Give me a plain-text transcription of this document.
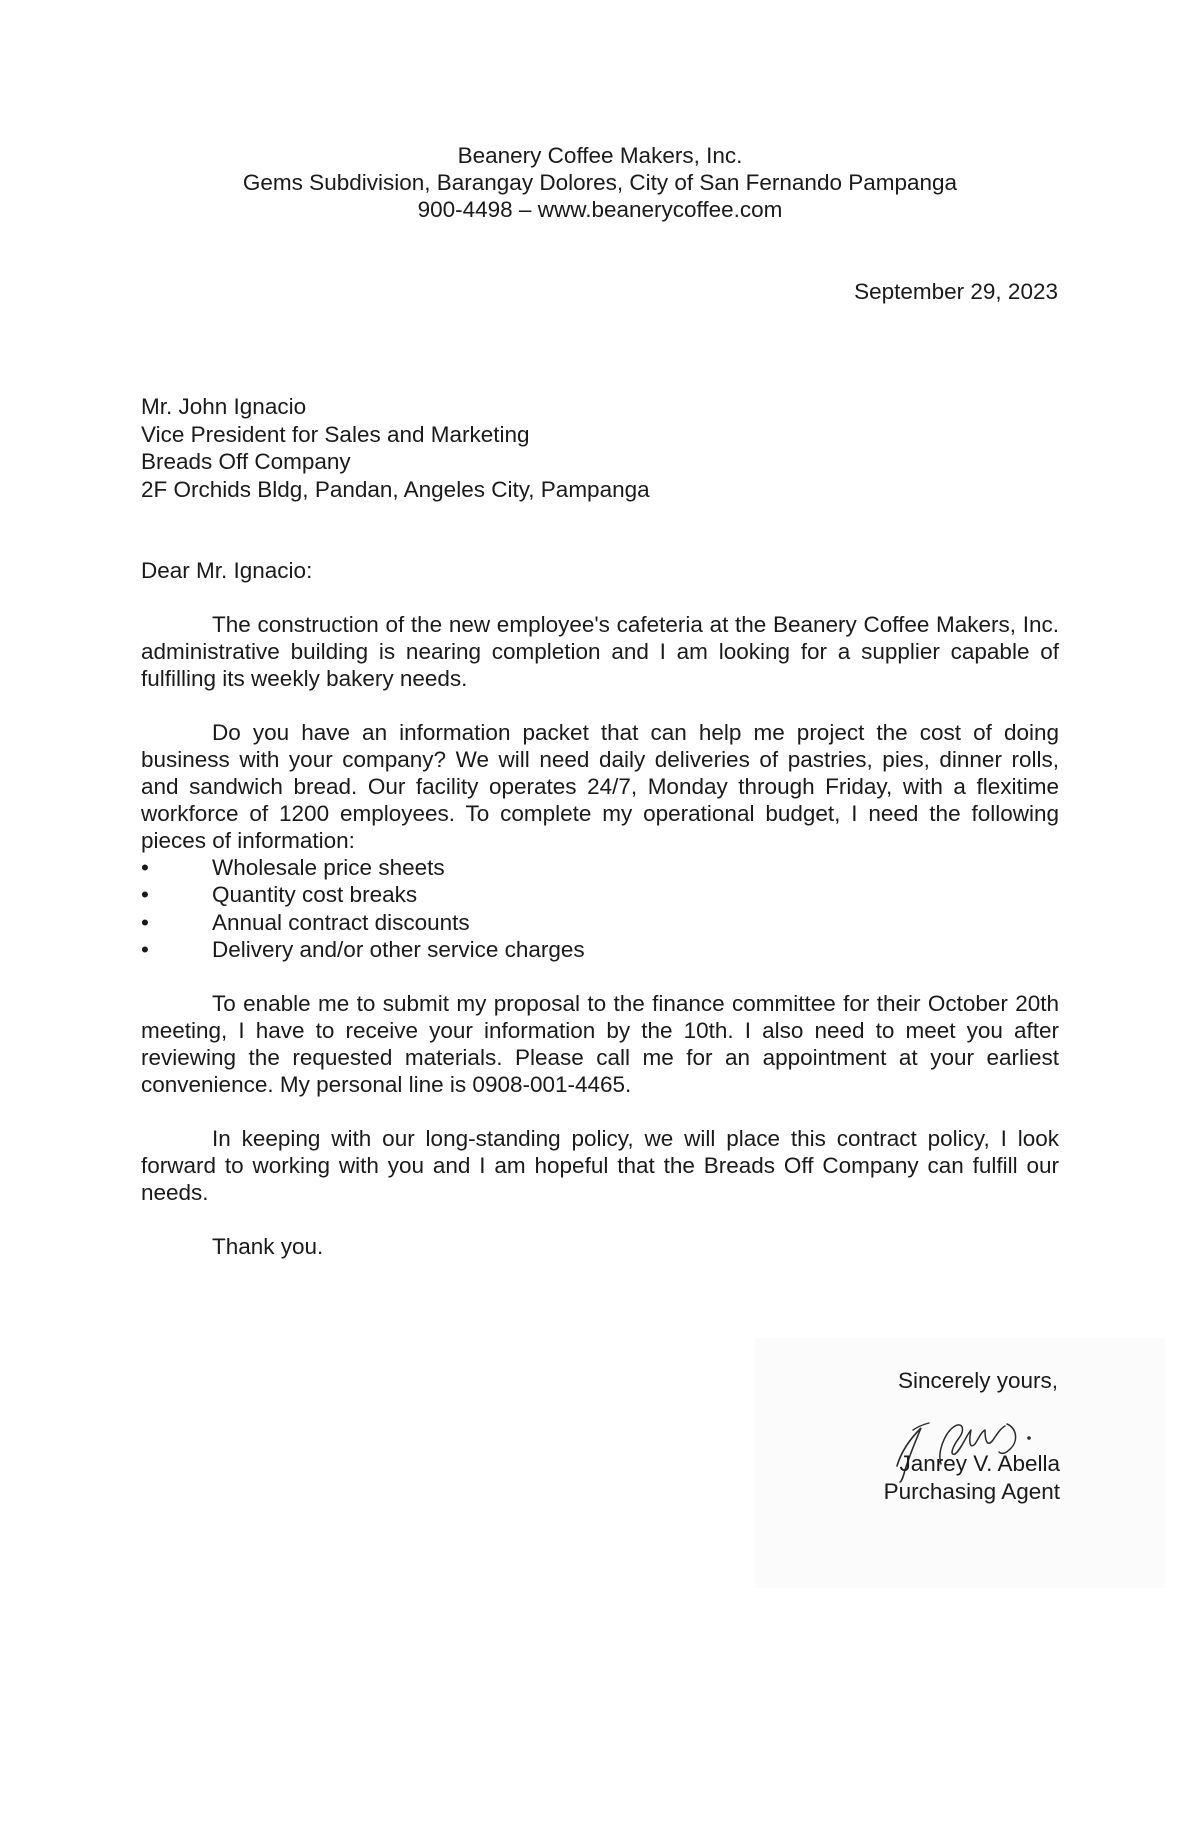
Beanery Coffee Makers, Inc.
Gems Subdivision, Barangay Dolores, City of San Fernando Pampanga
900-4498 – www.beanerycoffee.com
September 29, 2023
Mr. John Ignacio
Vice President for Sales and Marketing
Breads Off Company
2F Orchids Bldg, Pandan, Angeles City, Pampanga
Dear Mr. Ignacio:

The construction of the new employee's cafeteria at the Beanery Coffee Makers, Inc. administrative building is nearing completion and I am looking for a supplier capable of fulfilling its weekly bakery needs.

Do you have an information packet that can help me project the cost of doing business with your company? We will need daily deliveries of pastries, pies, dinner rolls, and sandwich bread. Our facility operates 24/7, Monday through Friday, with a flexitime workforce of 1200 employees. To complete my operational budget, I need the following pieces of information:

•	Wholesale price sheets
•	Quantity cost breaks
•	Annual contract discounts
•	Delivery and/or other service charges

To enable me to submit my proposal to the finance committee for their October 20th meeting, I have to receive your information by the 10th. I also need to meet you after reviewing the requested materials. Please call me for an appointment at your earliest convenience. My personal line is 0908-001-4465.

In keeping with our long-standing policy, we will place this contract policy, I look forward to working with you and I am hopeful that the Breads Off Company can fulfill our needs.

Thank you.
Sincerely yours,
Janrey V. Abella
Purchasing Agent
